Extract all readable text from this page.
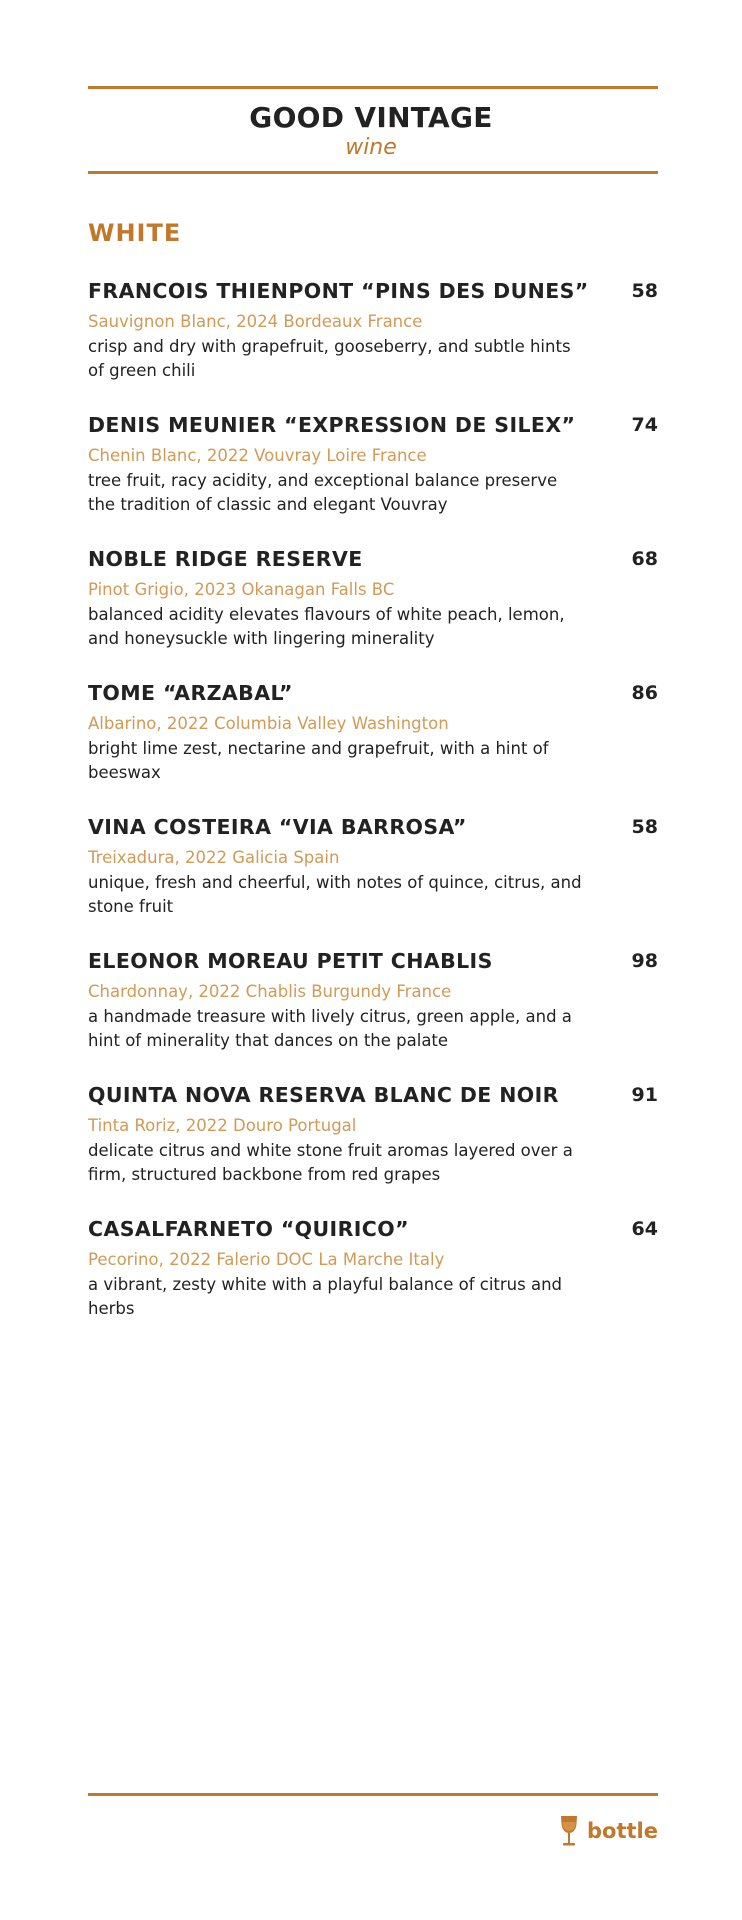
GOOD VINTAGE
wine
WHITE
FRANCOIS THIENPONT “PINS DES DUNES”	58
Sauvignon Blanc, 2024 Bordeaux France
crisp and dry with grapefruit, gooseberry, and subtle hints of green chili
DENIS MEUNIER “EXPRESSION DE SILEX”	74
Chenin Blanc, 2022 Vouvray Loire France
tree fruit, racy acidity, and exceptional balance preserve the tradition of classic and elegant Vouvray
NOBLE RIDGE RESERVE	68
Pinot Grigio, 2023 Okanagan Falls BC
balanced acidity elevates flavours of white peach, lemon, and honeysuckle with lingering minerality
TOME “ARZABAL”	86
Albarino, 2022 Columbia Valley Washington
bright lime zest, nectarine and grapefruit, with a hint of beeswax
VINA COSTEIRA “VIA BARROSA”	58
Treixadura, 2022 Galicia Spain
unique, fresh and cheerful, with notes of quince, citrus, and stone fruit
ELEONOR MOREAU PETIT CHABLIS	98
Chardonnay, 2022 Chablis Burgundy France
a handmade treasure with lively citrus, green apple, and a hint of minerality that dances on the palate
QUINTA NOVA RESERVA BLANC DE NOIR	91
Tinta Roriz, 2022 Douro Portugal
delicate citrus and white stone fruit aromas layered over a firm, structured backbone from red grapes
CASALFARNETO “QUIRICO”	64
Pecorino, 2022 Falerio DOC La Marche Italy
a vibrant, zesty white with a playful balance of citrus and herbs
bottle
